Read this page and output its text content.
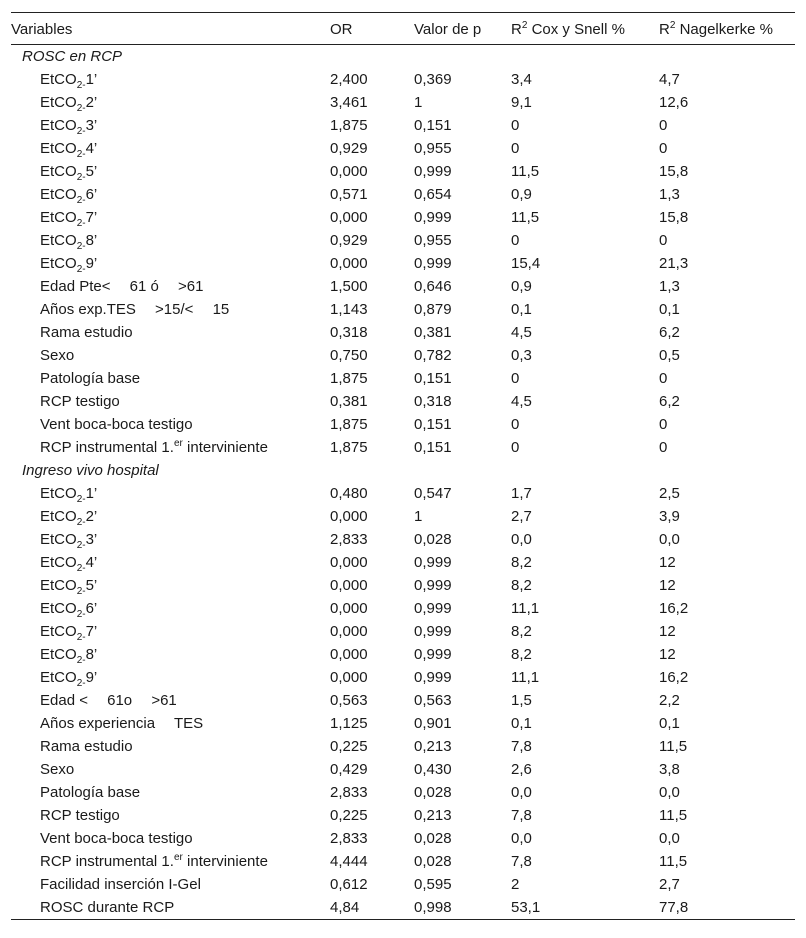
Variables	OR	Valor de p	$R^2$ Cox y Snell %	$R^2$ Nagelkerke %
ROSC en RCP				
EtCO$_{2-}$1’	2,400	0,369	3,4	4,7
EtCO$_{2-}$2’	3,461	1	9,1	12,6
EtCO$_{2-}$3’	1,875	0,151	0	0
EtCO$_{2-}$4’	0,929	0,955	0	0
EtCO$_{2-}$5’	0,000	0,999	11,5	15,8
EtCO$_{2-}$6’	0,571	0,654	0,9	1,3
EtCO$_{2-}$7’	0,000	0,999	11,5	15,8
EtCO$_{2-}$8’	0,929	0,955	0	0
EtCO$_{2-}$9’	0,000	0,999	15,4	21,3
Edad Pte<  61 ó  >61	1,500	0,646	0,9	1,3
Años exp.TES  >15/<  15	1,143	0,879	0,1	0,1
Rama estudio	0,318	0,381	4,5	6,2
Sexo	0,750	0,782	0,3	0,5
Patología base	1,875	0,151	0	0
RCP testigo	0,381	0,318	4,5	6,2
Vent boca-boca testigo	1,875	0,151	0	0
RCP instrumental 1.$^{er}$ interviniente	1,875	0,151	0	0
Ingreso vivo hospital				
EtCO$_{2-}$1’	0,480	0,547	1,7	2,5
EtCO$_{2-}$2’	0,000	1	2,7	3,9
EtCO$_{2-}$3’	2,833	0,028	0,0	0,0
EtCO$_{2-}$4’	0,000	0,999	8,2	12
EtCO$_{2-}$5’	0,000	0,999	8,2	12
EtCO$_{2-}$6’	0,000	0,999	11,1	16,2
EtCO$_{2-}$7’	0,000	0,999	8,2	12
EtCO$_{2-}$8’	0,000	0,999	8,2	12
EtCO$_{2-}$9’	0,000	0,999	11,1	16,2
Edad <  61o  >61	0,563	0,563	1,5	2,2
Años experiencia  TES	1,125	0,901	0,1	0,1
Rama estudio	0,225	0,213	7,8	11,5
Sexo	0,429	0,430	2,6	3,8
Patología base	2,833	0,028	0,0	0,0
RCP testigo	0,225	0,213	7,8	11,5
Vent boca-boca testigo	2,833	0,028	0,0	0,0
RCP instrumental 1.$^{er}$ interviniente	4,444	0,028	7,8	11,5
Facilidad inserción I-Gel	0,612	0,595	2	2,7
ROSC durante RCP	4,84	0,998	53,1	77,8
